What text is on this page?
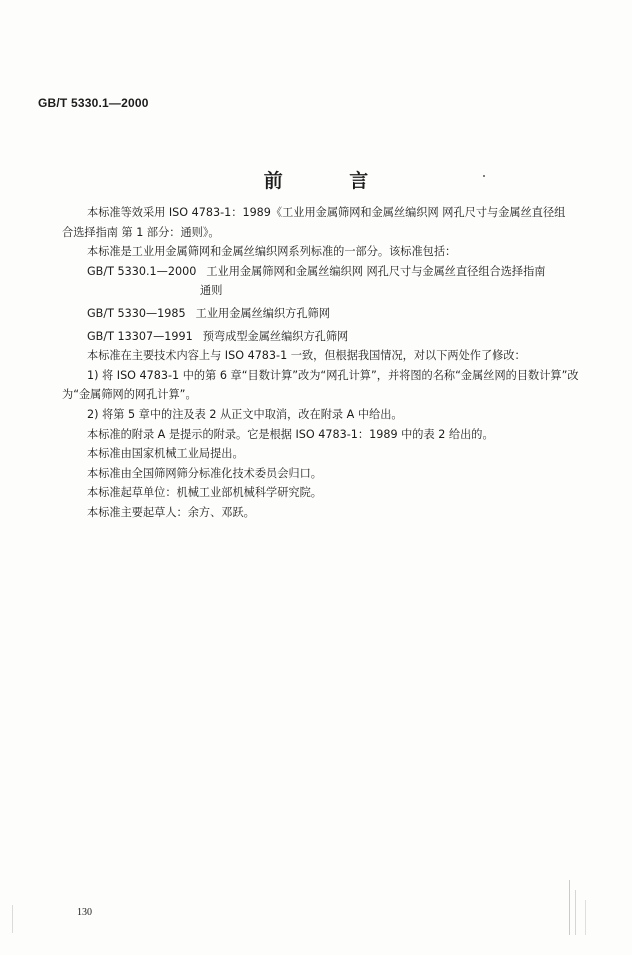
GB/T 5330.1—2000
前 言

本标准等效采用 ISO 4783-1：1989《工业用金属筛网和金属丝编织网 网孔尺寸与金属丝直径组

合选择指南 第 1 部分：通则》。

本标准是工业用金属筛网和金属丝编织网系列标准的一部分。该标准包括：

GB/T 5330.1—2000 工业用金属筛网和金属丝编织网 网孔尺寸与金属丝直径组合选择指南

通则

GB/T 5330—1985 工业用金属丝编织方孔筛网

GB/T 13307—1991 预弯成型金属丝编织方孔筛网

本标准在主要技术内容上与 ISO 4783-1 一致，但根据我国情况，对以下两处作了修改：

1) 将 ISO 4783-1 中的第 6 章“目数计算”改为“网孔计算”，并将图的名称“金属丝网的目数计算”改

为“金属筛网的网孔计算”。

2) 将第 5 章中的注及表 2 从正文中取消，改在附录 A 中给出。

本标准的附录 A 是提示的附录。它是根据 ISO 4783-1：1989 中的表 2 给出的。

本标准由国家机械工业局提出。

本标准由全国筛网筛分标准化技术委员会归口。

本标准起草单位：机械工业部机械科学研究院。

本标准主要起草人：余方、邓跃。

130
